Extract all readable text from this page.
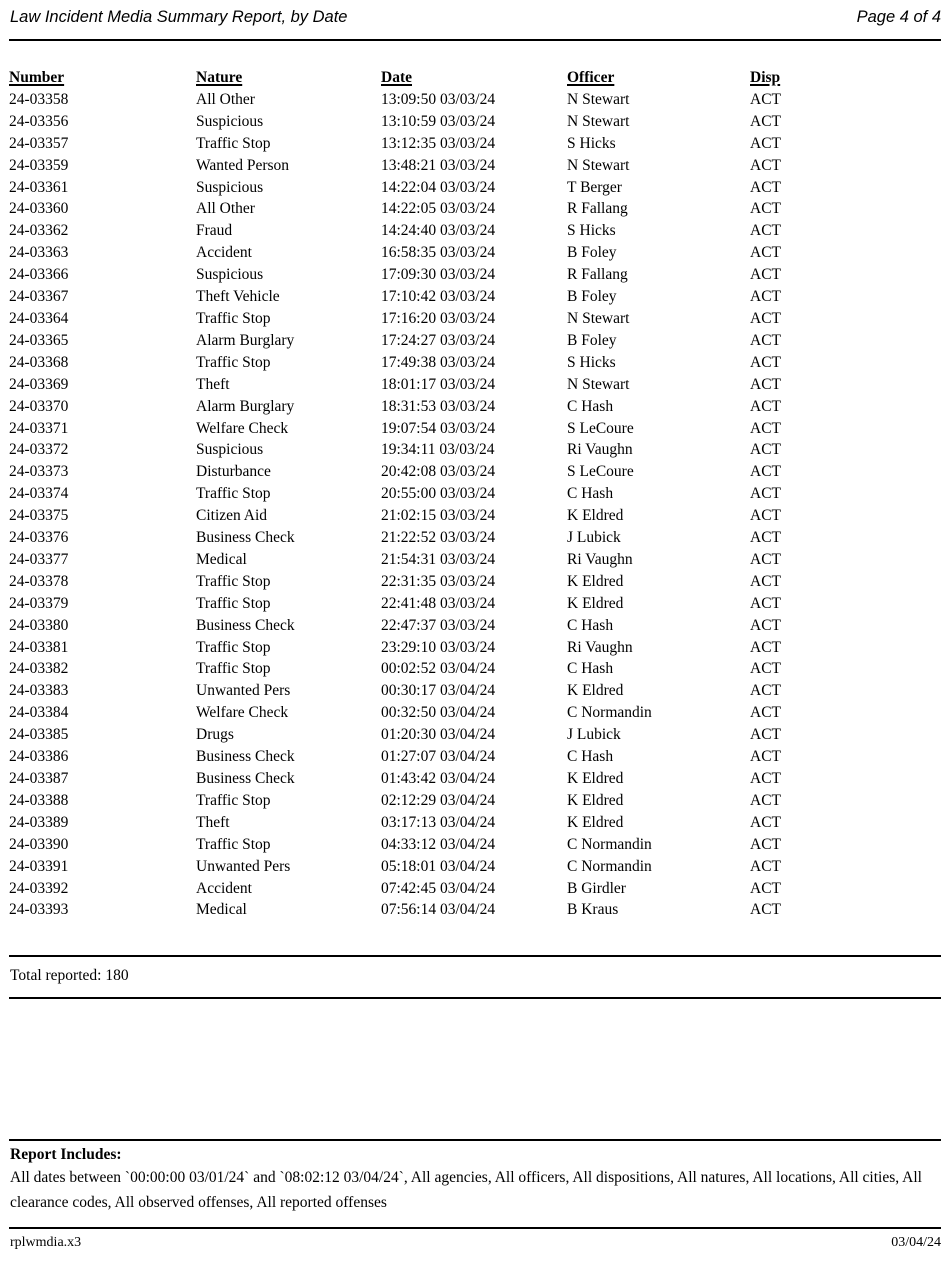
Law Incident Media Summary Report, by Date	Page 4 of 4
Number	Nature	Date	Officer	Disp
24-03358	All Other	13:09:50 03/03/24	N Stewart	ACT
24-03356	Suspicious	13:10:59 03/03/24	N Stewart	ACT
24-03357	Traffic Stop	13:12:35 03/03/24	S Hicks	ACT
24-03359	Wanted Person	13:48:21 03/03/24	N Stewart	ACT
24-03361	Suspicious	14:22:04 03/03/24	T Berger	ACT
24-03360	All Other	14:22:05 03/03/24	R Fallang	ACT
24-03362	Fraud	14:24:40 03/03/24	S Hicks	ACT
24-03363	Accident	16:58:35 03/03/24	B Foley	ACT
24-03366	Suspicious	17:09:30 03/03/24	R Fallang	ACT
24-03367	Theft Vehicle	17:10:42 03/03/24	B Foley	ACT
24-03364	Traffic Stop	17:16:20 03/03/24	N Stewart	ACT
24-03365	Alarm Burglary	17:24:27 03/03/24	B Foley	ACT
24-03368	Traffic Stop	17:49:38 03/03/24	S Hicks	ACT
24-03369	Theft	18:01:17 03/03/24	N Stewart	ACT
24-03370	Alarm Burglary	18:31:53 03/03/24	C Hash	ACT
24-03371	Welfare Check	19:07:54 03/03/24	S LeCoure	ACT
24-03372	Suspicious	19:34:11 03/03/24	Ri Vaughn	ACT
24-03373	Disturbance	20:42:08 03/03/24	S LeCoure	ACT
24-03374	Traffic Stop	20:55:00 03/03/24	C Hash	ACT
24-03375	Citizen Aid	21:02:15 03/03/24	K Eldred	ACT
24-03376	Business Check	21:22:52 03/03/24	J Lubick	ACT
24-03377	Medical	21:54:31 03/03/24	Ri Vaughn	ACT
24-03378	Traffic Stop	22:31:35 03/03/24	K Eldred	ACT
24-03379	Traffic Stop	22:41:48 03/03/24	K Eldred	ACT
24-03380	Business Check	22:47:37 03/03/24	C Hash	ACT
24-03381	Traffic Stop	23:29:10 03/03/24	Ri Vaughn	ACT
24-03382	Traffic Stop	00:02:52 03/04/24	C Hash	ACT
24-03383	Unwanted Pers	00:30:17 03/04/24	K Eldred	ACT
24-03384	Welfare Check	00:32:50 03/04/24	C Normandin	ACT
24-03385	Drugs	01:20:30 03/04/24	J Lubick	ACT
24-03386	Business Check	01:27:07 03/04/24	C Hash	ACT
24-03387	Business Check	01:43:42 03/04/24	K Eldred	ACT
24-03388	Traffic Stop	02:12:29 03/04/24	K Eldred	ACT
24-03389	Theft	03:17:13 03/04/24	K Eldred	ACT
24-03390	Traffic Stop	04:33:12 03/04/24	C Normandin	ACT
24-03391	Unwanted Pers	05:18:01 03/04/24	C Normandin	ACT
24-03392	Accident	07:42:45 03/04/24	B Girdler	ACT
24-03393	Medical	07:56:14 03/04/24	B Kraus	ACT
Total reported: 180
Report Includes:
All dates between `00:00:00 03/01/24` and `08:02:12 03/04/24`, All agencies, All officers, All dispositions, All natures, All locations, All cities, All clearance codes, All observed offenses, All reported offenses
rplwmdia.x3	03/04/24
